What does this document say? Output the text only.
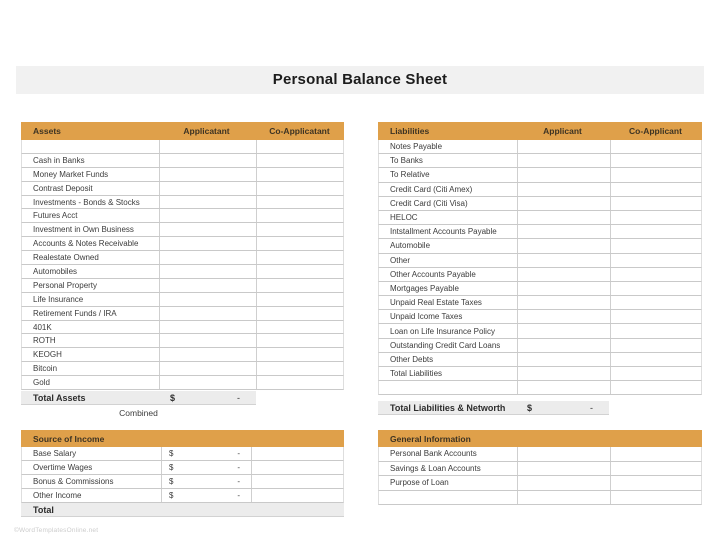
Personal Balance Sheet
Assets	Applicatant	Co-Applicatant
Cash in Banks
Money Market Funds
Contrast Deposit
Investments - Bonds & Stocks
Futures Acct
Investment in Own Business
Accounts & Notes Receivable
Realestate Owned
Automobiles
Personal Property
Life Insurance
Retirement Funds / IRA
401K
ROTH
KEOGH
Bitcoin
Gold
Total Assets	$	-
Combined
Liabilities	Applicant	Co-Applicant
Notes Payable
To Banks
To Relative
Credit Card (Citi Amex)
Credit Card (Citi Visa)
HELOC
Intstallment Accounts Payable
Automobile
Other
Other Accounts Payable
Mortgages Payable
Unpaid Real Estate Taxes
Unpaid Icome Taxes
Loan on Life Insurance Policy
Outstanding Credit Card Loans
Other Debts
Total Liabilities
Total Liabilities & Networth	$	-
Source of Income
Base Salary	$	-
Overtime Wages	$	-
Bonus & Commissions	$	-
Other Income	$	-
Total
General Information
Personal Bank Accounts
Savings & Loan Accounts
Purpose of Loan
©WordTemplatesOnline.net
